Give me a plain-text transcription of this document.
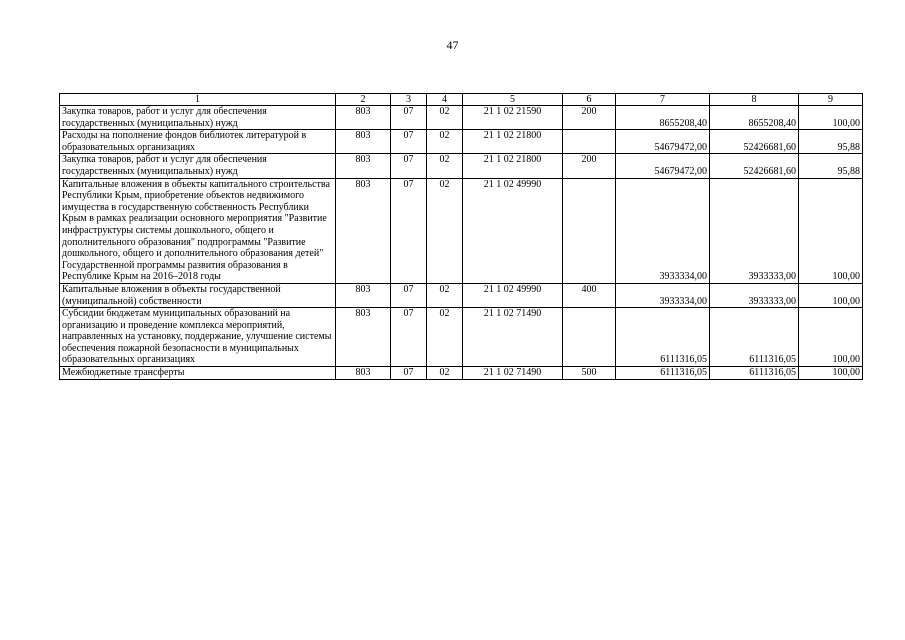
47
1	2	3	4	5	6	7	8	9
Закупка товаров, работ и услуг для обеспечения государственных (муниципальных) нужд	803	07	02	21 1 02 21590	200	8655208,40	8655208,40	100,00
Расходы на пополнение фондов библиотек литературой в образовательных организациях	803	07	02	21 1 02 21800		54679472,00	52426681,60	95,88
Закупка товаров, работ и услуг для обеспечения государственных (муниципальных) нужд	803	07	02	21 1 02 21800	200	54679472,00	52426681,60	95,88
Капитальные вложения в объекты капитального строительства Республики Крым, приобретение объектов недвижимого имущества в государственную собственность Республики Крым в рамках реализации основного мероприятия "Развитие инфраструктуры системы дошкольного, общего и дополнительного образования" подпрограммы "Развитие дошкольного, общего и дополнительного образования детей" Государственной программы развития образования в Республике Крым на 2016–2018 годы	803	07	02	21 1 02 49990		3933334,00	3933333,00	100,00
Капитальные вложения в объекты государственной (муниципальной) собственности	803	07	02	21 1 02 49990	400	3933334,00	3933333,00	100,00
Субсидии бюджетам муниципальных образований на организацию и проведение комплекса мероприятий, направленных на установку, поддержание, улучшение системы обеспечения пожарной безопасности в муниципальных образовательных организациях	803	07	02	21 1 02 71490		6111316,05	6111316,05	100,00
Межбюджетные трансферты	803	07	02	21 1 02 71490	500	6111316,05	6111316,05	100,00
